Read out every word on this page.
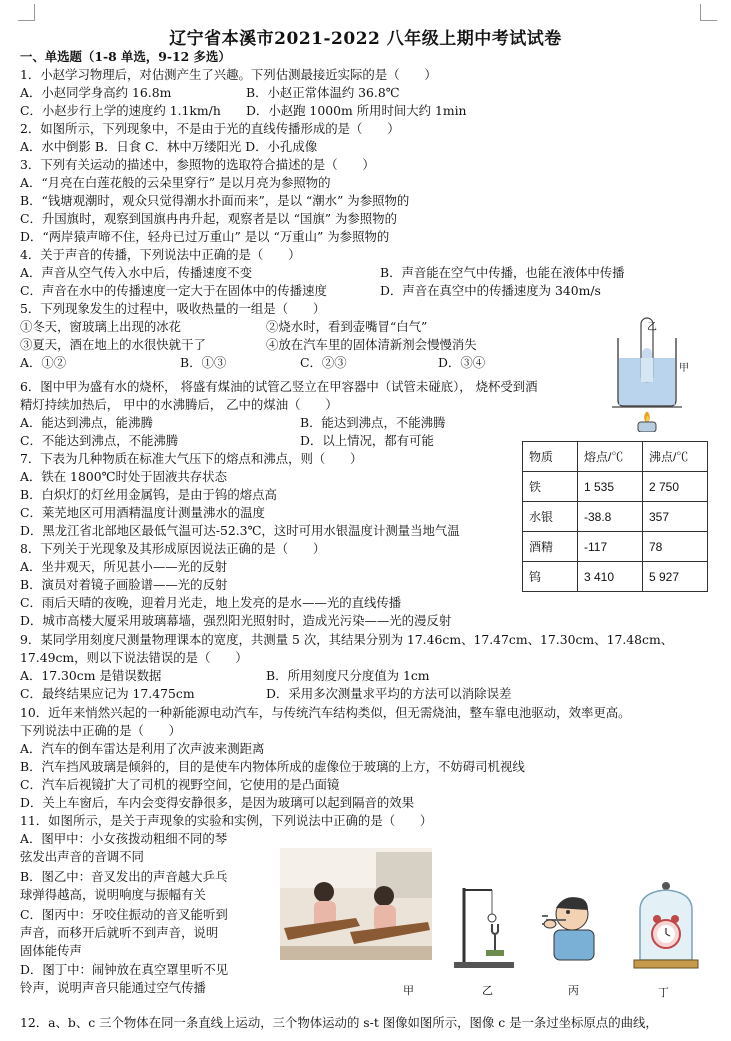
辽宁省本溪市2021-2022 八年级上期中考试试卷
一、单选题（1-8 单选，9-12 多选）
1．小赵学习物理后，对估测产生了兴趣。下列估测最接近实际的是（　　）
A．小赵同学身高约 16.8m	B．小赵正常体温约 36.8℃
C．小赵步行上学的速度约 1.1km/h D．小赵跑 1000m 所用时间大约 1min
2．如图所示，下列现象中，不是由于光的直线传播形成的是（　　）
A．水中倒影 B．日食 C．林中万缕阳光 D．小孔成像
3．下列有关运动的描述中，参照物的选取符合描述的是（　　）
A．“月亮在白莲花般的云朵里穿行” 是以月亮为参照物的
B．“钱塘观潮时，观众只觉得潮水扑面而来”，是以 “潮水” 为参照物的
C．升国旗时，观察到国旗冉冉升起，观察者是以 “国旗” 为参照物的
D．“两岸猿声啼不住，轻舟已过万重山” 是以 “万重山” 为参照物的
4．关于声音的传播，下列说法中正确的是（　　）
A．声音从空气传入水中后，传播速度不变	B．声音能在空气中传播，也能在液体中传播
C．声音在水中的传播速度一定大于在固体中的传播速度	D．声音在真空中的传播速度为 340m/s
5．下列现象发生的过程中，吸收热量的一组是（　　）
①冬天，窗玻璃上出现的冰花	②烧水时，看到壶嘴冒“白气”
③夏天，酒在地上的水很快就干了	④放在汽车里的固体清新剂会慢慢消失
A．①②	B．①③	C．②③	D．③④
乙
甲
6．图中甲为盛有水的烧杯， 将盛有煤油的试管乙竖立在甲容器中（试管未碰底）， 烧杯受到酒
精灯持续加热后， 甲中的水沸腾后， 乙中的煤油（　　）
A．能达到沸点，能沸腾	B．能达到沸点，不能沸腾
C．不能达到沸点，不能沸腾	D．以上情况，都有可能
物质	熔点/℃	沸点/℃
铁	1 535	2 750
水银	-38.8	357
酒精	-117	78
钨	3 410	5 927
7．下表为几种物质在标准大气压下的熔点和沸点，则（　　）
A．铁在 1800℃时处于固液共存状态
B．白炽灯的灯丝用金属钨，是由于钨的熔点高
C．莱芜地区可用酒精温度计测量沸水的温度
D．黑龙江省北部地区最低气温可达-52.3℃，这时可用水银温度计测量当地气温
8．下列关于光现象及其形成原因说法正确的是（　　）
A．坐井观天，所见甚小——光的反射
B．演员对着镜子画脸谱——光的反射
C．雨后天晴的夜晚，迎着月光走，地上发亮的是水——光的直线传播
D．城市高楼大厦采用玻璃幕墙，强烈阳光照射时，造成光污染——光的漫反射
9．某同学用刻度尺测量物理课本的宽度，共测量 5 次，其结果分别为 17.46cm、17.47cm、17.30cm、17.48cm、
17.49cm，则以下说法错误的是（　　）
A．17.30cm 是错误数据	B．所用刻度尺分度值为 1cm
C．最终结果应记为 17.475cm	D．采用多次测量求平均的方法可以消除误差
10．近年来悄然兴起的一种新能源电动汽车，与传统汽车结构类似，但无需烧油，整车靠电池驱动，效率更高。
下列说法中正确的是（　　）
A．汽车的倒车雷达是利用了次声波来测距离
B．汽车挡风玻璃是倾斜的，目的是使车内物体所成的虚像位于玻璃的上方，不妨碍司机视线
C．汽车后视镜扩大了司机的视野空间，它使用的是凸面镜
D．关上车窗后，车内会变得安静很多，是因为玻璃可以起到隔音的效果
11．如图所示，是关于声现象的实验和实例，下列说法中正确的是（　　）
A．图甲中：小女孩拨动粗细不同的琴
弦发出声音的音调不同
B．图乙中：音叉发出的声音越大乒乓
球弹得越高，说明响度与振幅有关
C．图丙中：牙咬住振动的音叉能听到
声音，而移开后就听不到声音，说明
固体能传声
D．图丁中：闹钟放在真空罩里听不见
铃声，说明声音只能通过空气传播	甲	乙	丙	丁
12．a、b、c 三个物体在同一条直线上运动，三个物体运动的 s-t 图像如图所示，图像 c 是一条过坐标原点的曲线，
